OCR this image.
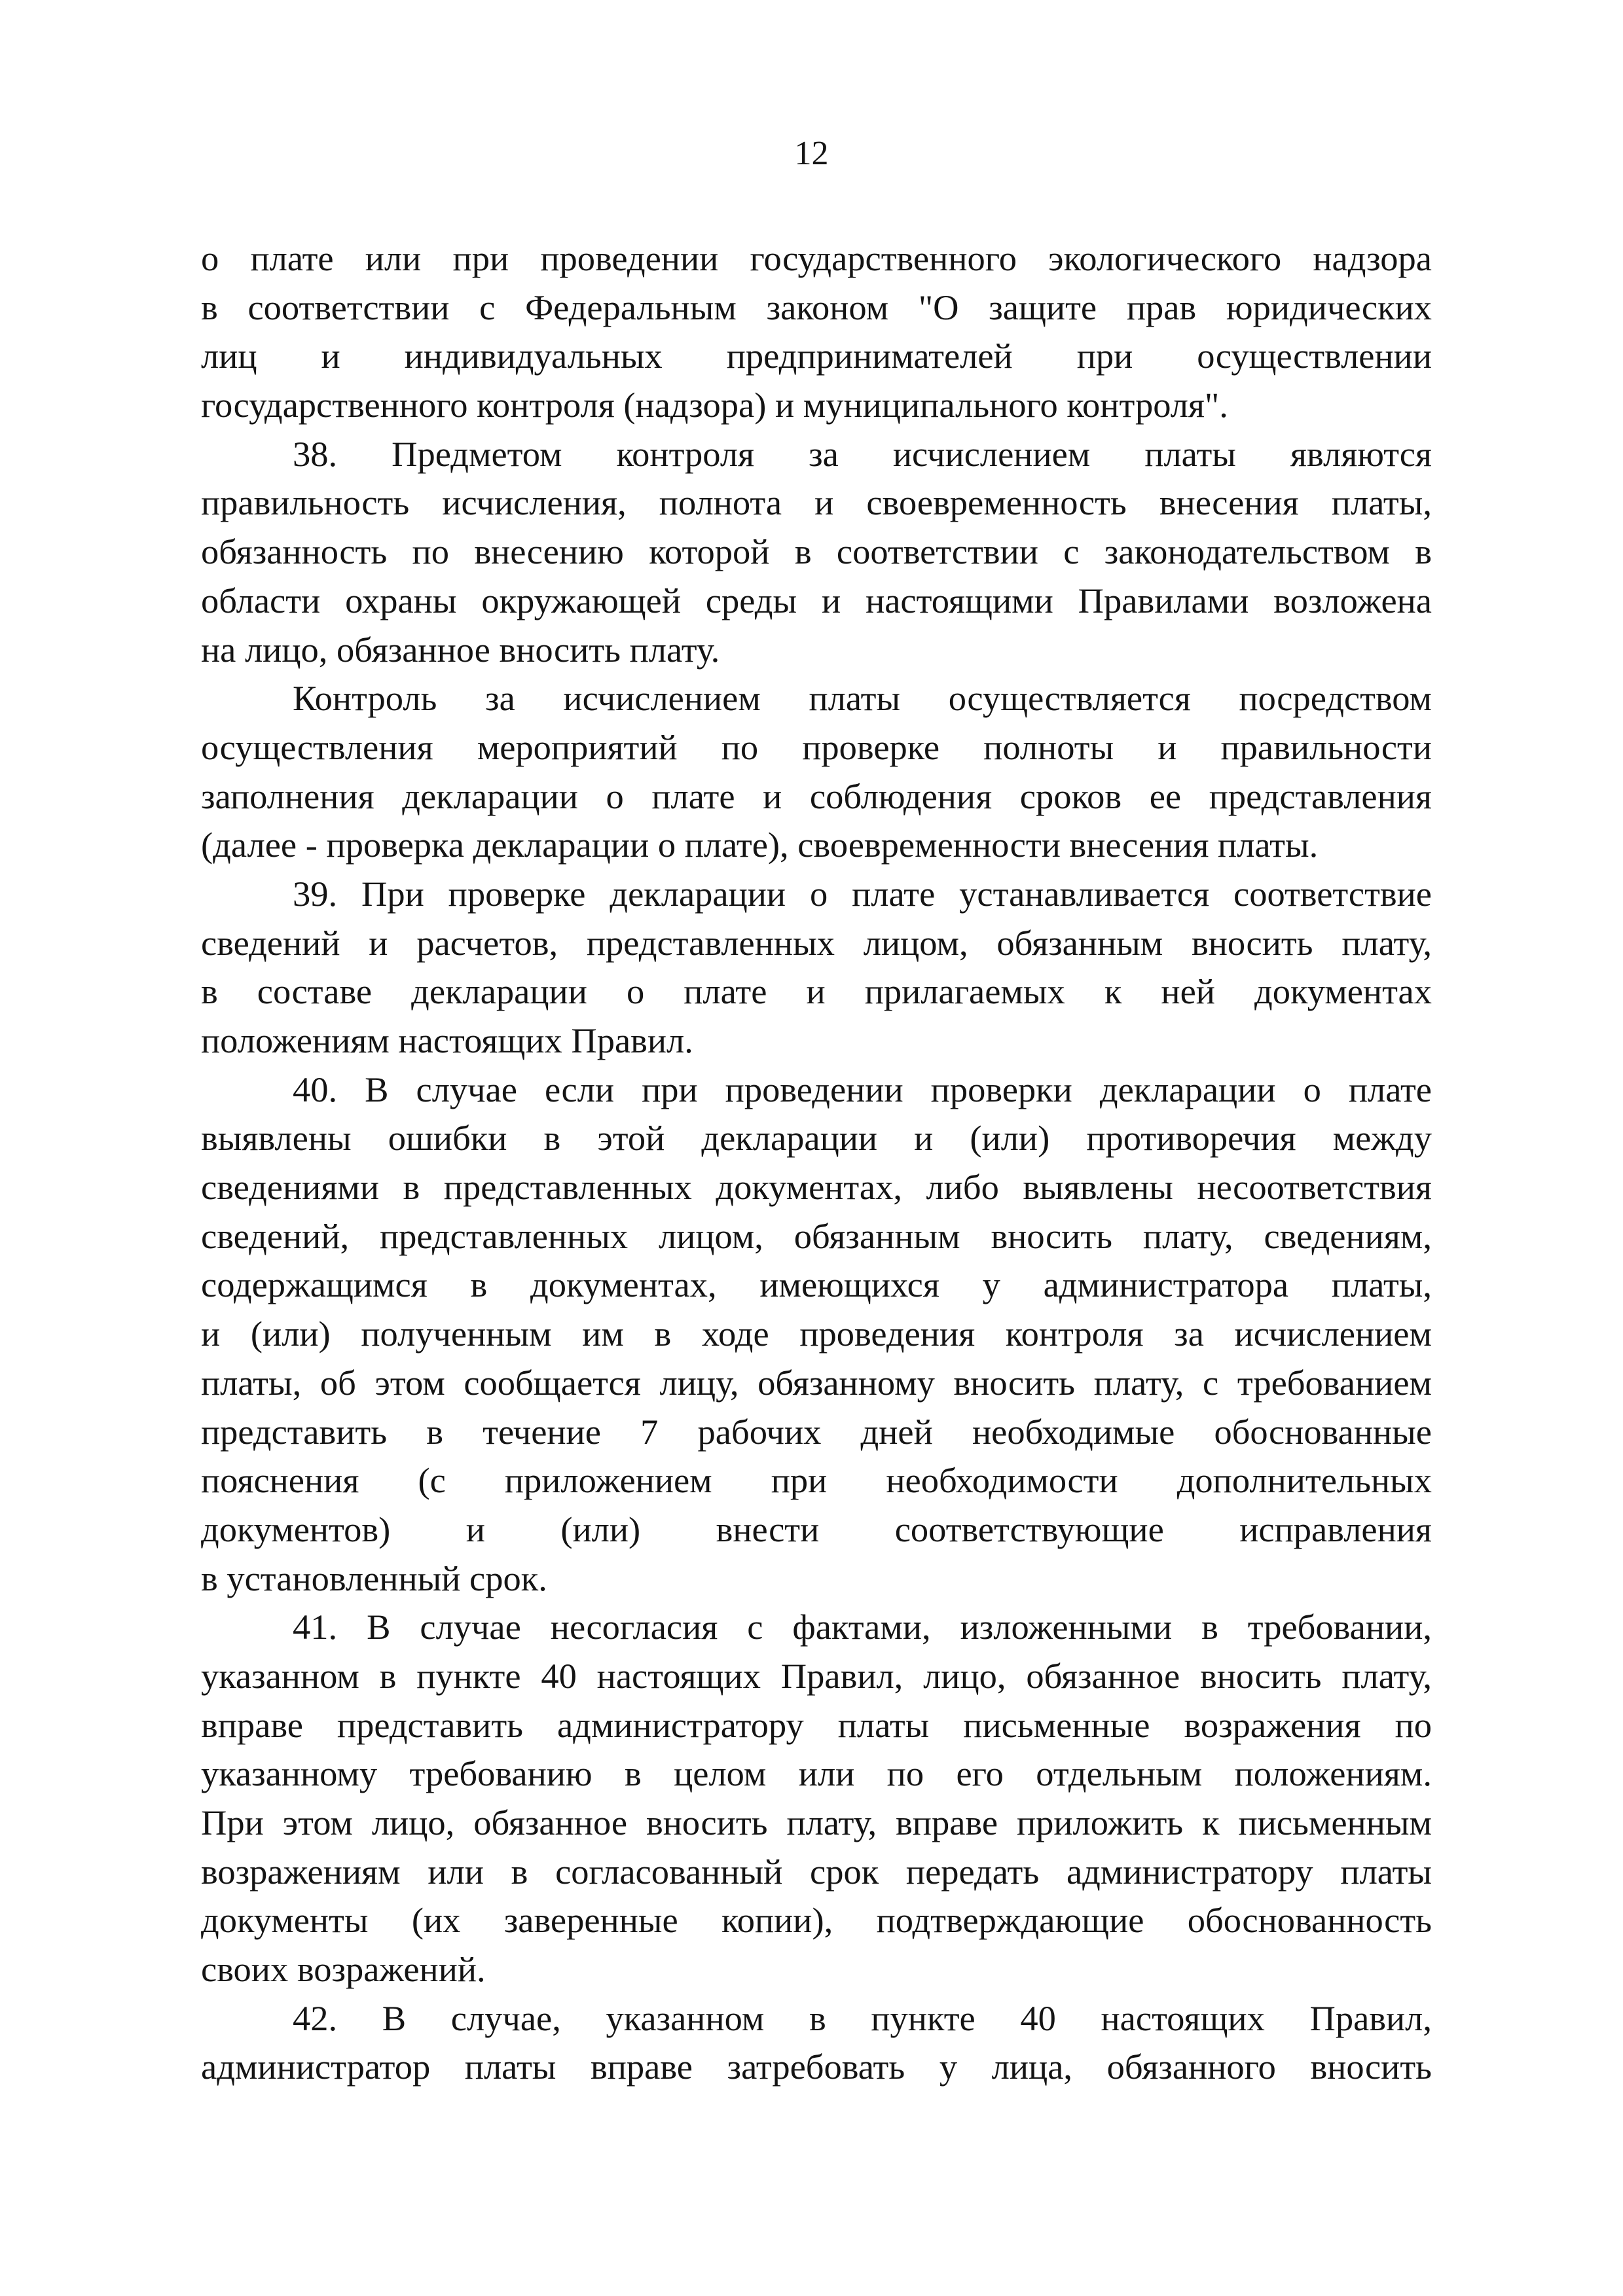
12
о плате или при проведении государственного экологического надзора
в соответствии с Федеральным законом "О защите прав юридических
лиц и индивидуальных предпринимателей при осуществлении
государственного контроля (надзора) и муниципального контроля".
38. Предметом контроля за исчислением платы являются
правильность исчисления, полнота и своевременность внесения платы,
обязанность по внесению которой в соответствии с законодательством в
области охраны окружающей среды и настоящими Правилами возложена
на лицо, обязанное вносить плату.
Контроль за исчислением платы осуществляется посредством
осуществления мероприятий по проверке полноты и правильности
заполнения декларации о плате и соблюдения сроков ее представления
(далее - проверка декларации о плате), своевременности внесения платы.
39. При проверке декларации о плате устанавливается соответствие
сведений и расчетов, представленных лицом, обязанным вносить плату,
в составе декларации о плате и прилагаемых к ней документах
положениям настоящих Правил.
40. В случае если при проведении проверки декларации о плате
выявлены ошибки в этой декларации и (или) противоречия между
сведениями в представленных документах, либо выявлены несоответствия
сведений, представленных лицом, обязанным вносить плату, сведениям,
содержащимся в документах, имеющихся у администратора платы,
и (или) полученным им в ходе проведения контроля за исчислением
платы, об этом сообщается лицу, обязанному вносить плату, с требованием
представить в течение 7 рабочих дней необходимые обоснованные
пояснения (с приложением при необходимости дополнительных
документов) и (или) внести соответствующие исправления
в установленный срок.
41. В случае несогласия с фактами, изложенными в требовании,
указанном в пункте 40 настоящих Правил, лицо, обязанное вносить плату,
вправе представить администратору платы письменные возражения по
указанному требованию в целом или по его отдельным положениям.
При этом лицо, обязанное вносить плату, вправе приложить к письменным
возражениям или в согласованный срок передать администратору платы
документы (их заверенные копии), подтверждающие обоснованность
своих возражений.
42. В случае, указанном в пункте 40 настоящих Правил,
администратор платы вправе затребовать у лица, обязанного вносить
